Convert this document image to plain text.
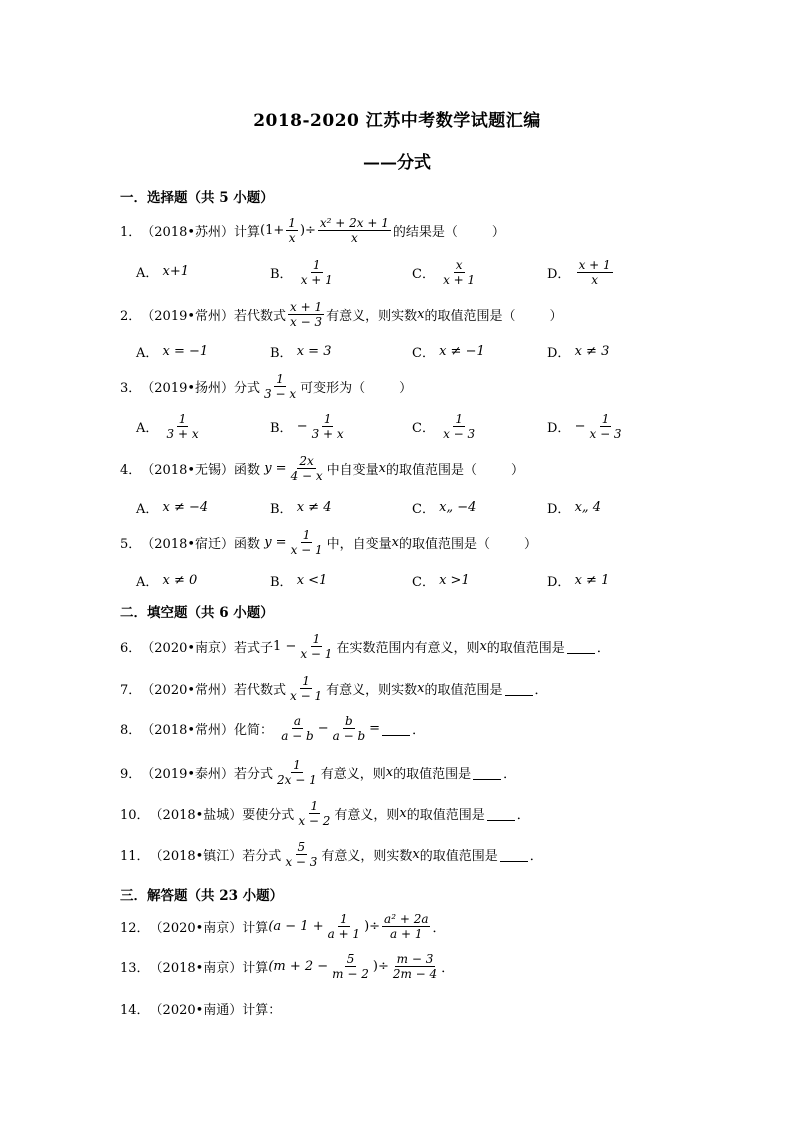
2018-2020 江苏中考数学试题汇编
——分式
一．选择题（共 5 小题）
1． （2018•苏州）计算 ($1+ \frac{1}{x}$ )÷ $\frac{\text{x² + 2x + 1}}{x}$ 的结果是（	）
A．
x+1	B．
$\frac{1}{x + 1}$	C．
$\frac{x}{x + 1}$	D．
$\frac{x + 1}{x}$
2． （2019•常州）若代数式 $\frac{x + 1}{x - 3}$ 有意义，则实数 x 的取值范围是（	）
A．
x = −1	B．
x = 3	C．
x ≠ −1	D．
x ≠ 3
3． （2019•扬州）分式 $\frac{1}{3 - x}$ 可变形为（	）
A．
$\frac{1}{3 + x}$	B．
− $\frac{1}{3 + x}$	C．
$\frac{1}{x - 3}$	D．
− $\frac{1}{x - 3}$
4． （2018•无锡）函数
$y = \frac{2x}{4 - x}$ 中自变量 x 的取值范围是（	）
A．
x ≠ −4	B．
x ≠ 4	C．
x„ −4	D．
x„ 4
5． （2018•宿迁）函数
$y = \frac{1}{x - 1}$ 中，自变量 x 的取值范围是（	）
A．
x ≠ 0	B．
x <1	C．
x >1	D．
x ≠ 1
二．填空题（共 6 小题）
6． （2020•南京）若式子 $1 - \frac{1}{x - 1}$ 在实数范围内有意义，则 x 的取值范围是 ．
7． （2020•常州）若代数式 $\frac{1}{x - 1}$ 有意义，则实数 x 的取值范围是 ．
8． （2018•常州）化简：
$\frac{a}{a - b} - \frac{b}{a - b}$ = ．
9． （2019•泰州）若分式 $\frac{1}{2x - 1}$ 有意义，则 x 的取值范围是 ．
10． （2018•盐城）要使分式 $\frac{1}{x - 2}$ 有意义，则 x 的取值范围是 ．
11． （2018•镇江）若分式 $\frac{5}{x - 3}$ 有意义，则实数 x 的取值范围是 ．
三．解答题（共 23 小题）
12． （2020•南京）计算 ($a - 1 + \frac{1}{a + 1}$ )÷ $\frac{\text{a² + 2a}}{a + 1}$ ．
13． （2018•南京）计算 ($m + 2 - \frac{5}{m - 2}$ )÷ $\frac{m - 3}{2m - 4}$ ．
14． （2020•南通）计算：
